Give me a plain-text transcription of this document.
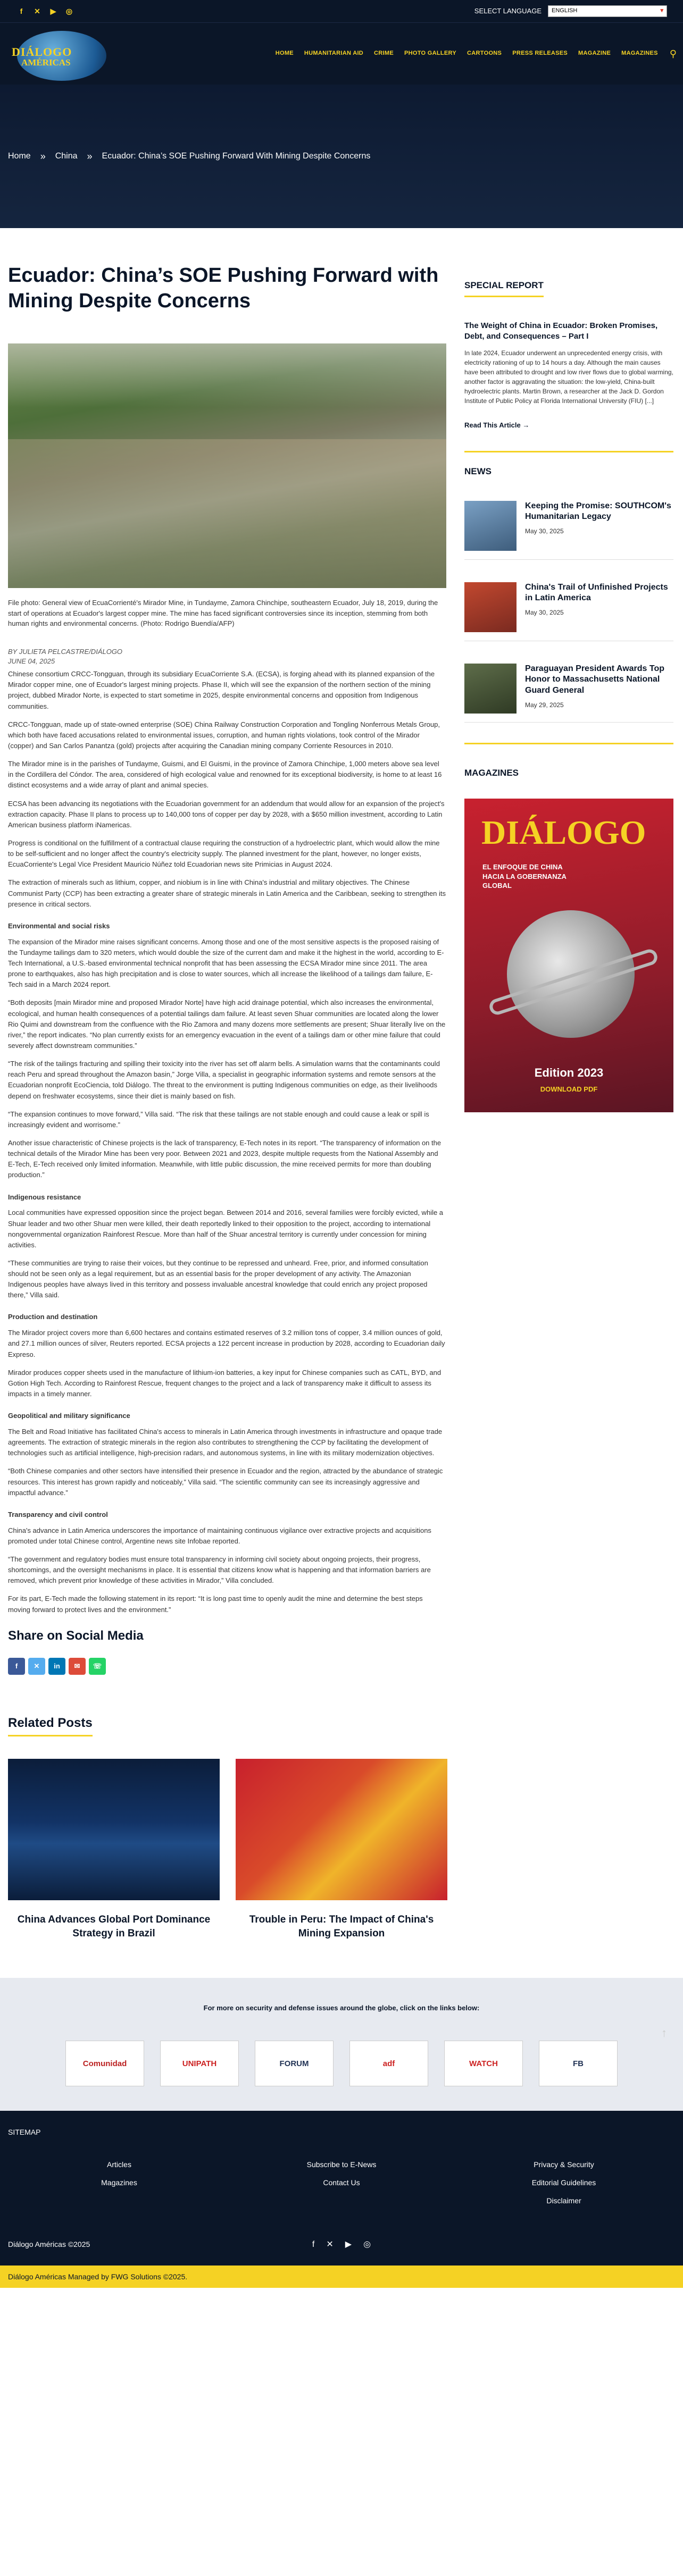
f	✕	▶	◎	SELECT LANGUAGE ENGLISH	▾
DIÁLOGO
AMÉRICAS
HOME HUMANITARIAN AID CRIME PHOTO GALLERY CARTOONS PRESS RELEASES MAGAZINE MAGAZINES ⚲
Home » China » Ecuador: China’s SOE Pushing Forward With Mining Despite Concerns
Ecuador: China’s SOE Pushing Forward with Mining Despite Concerns

File photo: General view of EcuaCorrienté's Mirador Mine, in Tundayme, Zamora Chinchipe, southeastern Ecuador, July 18, 2019, during the start of operations at Ecuador's largest copper mine. The mine has faced significant controversies since its inception, stemming from both human rights and environmental concerns. (Photo: Rodrigo Buendía/AFP)

BY JULIETA PELCASTRE/DIÁLOGO

JUNE 04, 2025

Chinese consortium CRCC-Tongguan, through its subsidiary EcuaCorriente S.A. (ECSA), is forging ahead with its planned expansion of the Mirador copper mine, one of Ecuador's largest mining projects. Phase II, which will see the expansion of the northern section of the mining project, dubbed Mirador Norte, is expected to start sometime in 2025, despite environmental concerns and opposition from Indigenous communities.

CRCC-Tongguan, made up of state-owned enterprise (SOE) China Railway Construction Corporation and Tongling Nonferrous Metals Group, which both have faced accusations related to environmental issues, corruption, and human rights violations, took control of the Mirador (copper) and San Carlos Panantza (gold) projects after acquiring the Canadian mining company Corriente Resources in 2010.

The Mirador mine is in the parishes of Tundayme, Guismi, and El Guismi, in the province of Zamora Chinchipe, 1,000 meters above sea level in the Cordillera del Cóndor. The area, considered of high ecological value and renowned for its exceptional biodiversity, is home to at least 16 distinct ecosystems and a wide array of plant and animal species.

ECSA has been advancing its negotiations with the Ecuadorian government for an addendum that would allow for an expansion of the project's extraction capacity. Phase II plans to process up to 140,000 tons of copper per day by 2028, with a $650 million investment, according to Latin American business platform iNamericas.

Progress is conditional on the fulfillment of a contractual clause requiring the construction of a hydroelectric plant, which would allow the mine to be self-sufficient and no longer affect the country's electricity supply. The planned investment for the plant, however, no longer exists, EcuaCorriente's Legal Vice President Mauricio Núñez told Ecuadorian news site Primicias in August 2024.

The extraction of minerals such as lithium, copper, and niobium is in line with China's industrial and military objectives. The Chinese Communist Party (CCP) has been extracting a greater share of strategic minerals in Latin America and the Caribbean, seeking to strengthen its presence in critical sectors.

Environmental and social risks

The expansion of the Mirador mine raises significant concerns. Among those and one of the most sensitive aspects is the proposed raising of the Tundayme tailings dam to 320 meters, which would double the size of the current dam and make it the highest in the world, according to E-Tech International, a U.S.-based environmental technical nonprofit that has been assessing the ECSA Mirador mine since 2011. The area prone to earthquakes, also has high precipitation and is close to water sources, which all increase the likelihood of a tailings dam failure, E-Tech said in a March 2024 report.

“Both deposits [main Mirador mine and proposed Mirador Norte] have high acid drainage potential, which also increases the environmental, ecological, and human health consequences of a potential tailings dam failure. At least seven Shuar communities are located along the lower Rio Quimi and downstream from the confluence with the Rio Zamora and many dozens more settlements are present; Shuar literally live on the river,” the report indicates. “No plan currently exists for an emergency evacuation in the event of a tailings dam or other mine failure that could severely affect downstream communities.”

“The risk of the tailings fracturing and spilling their toxicity into the river has set off alarm bells. A simulation warns that the contaminants could reach Peru and spread throughout the Amazon basin,” Jorge Villa, a specialist in geographic information systems and remote sensors at the Ecuadorian nonprofit EcoCiencia, told Diálogo. The threat to the environment is putting Indigenous communities on edge, as their livelihoods depend on freshwater ecosystems, since their diet is mainly based on fish.

“The expansion continues to move forward,” Villa said. “The risk that these tailings are not stable enough and could cause a leak or spill is increasingly evident and worrisome.”

Another issue characteristic of Chinese projects is the lack of transparency, E-Tech notes in its report. “The transparency of information on the technical details of the Mirador Mine has been very poor. Between 2021 and 2023, despite multiple requests from the National Assembly and E-Tech, E-Tech received only limited information. Meanwhile, with little public discussion, the mine received permits for more than doubling production.”

Indigenous resistance

Local communities have expressed opposition since the project began. Between 2014 and 2016, several families were forcibly evicted, while a Shuar leader and two other Shuar men were killed, their death reportedly linked to their opposition to the project, according to international nongovernmental organization Rainforest Rescue. More than half of the Shuar ancestral territory is currently under concession for mining activities.

“These communities are trying to raise their voices, but they continue to be repressed and unheard. Free, prior, and informed consultation should not be seen only as a legal requirement, but as an essential basis for the proper development of any activity. The Amazonian Indigenous peoples have always lived in this territory and possess invaluable ancestral knowledge that could enrich any project proposed there,” Villa said.

Production and destination

The Mirador project covers more than 6,600 hectares and contains estimated reserves of 3.2 million tons of copper, 3.4 million ounces of gold, and 27.1 million ounces of silver, Reuters reported. ECSA projects a 122 percent increase in production by 2028, according to Ecuadorian daily Expreso.

Mirador produces copper sheets used in the manufacture of lithium-ion batteries, a key input for Chinese companies such as CATL, BYD, and Gotion High Tech. According to Rainforest Rescue, frequent changes to the project and a lack of transparency make it difficult to assess its impacts in a timely manner.

Geopolitical and military significance

The Belt and Road Initiative has facilitated China's access to minerals in Latin America through investments in infrastructure and opaque trade agreements. The extraction of strategic minerals in the region also contributes to strengthening the CCP by facilitating the development of technologies such as artificial intelligence, high-precision radars, and autonomous systems, in line with its military modernization objectives.

“Both Chinese companies and other sectors have intensified their presence in Ecuador and the region, attracted by the abundance of strategic resources. This interest has grown rapidly and noticeably,” Villa said. “The scientific community can see its increasingly aggressive and impactful advance.”

Transparency and civil control

China's advance in Latin America underscores the importance of maintaining continuous vigilance over extractive projects and acquisitions promoted under total Chinese control, Argentine news site Infobae reported.

“The government and regulatory bodies must ensure total transparency in informing civil society about ongoing projects, their progress, shortcomings, and the oversight mechanisms in place. It is essential that citizens know what is happening and that information barriers are removed, which prevent prior knowledge of these activities in Mirador,” Villa concluded.

For its part, E-Tech made the following statement in its report: “It is long past time to openly audit the mine and determine the best steps moving forward to protect lives and the environment.”

Share on Social Media
f	✕	in	✉	☏
Related Posts
China Advances Global Port Dominance Strategy in Brazil
Trouble in Peru: The Impact of China's Mining Expansion
SPECIAL REPORT
The Weight of China in Ecuador: Broken Promises, Debt, and Consequences – Part I
In late 2024, Ecuador underwent an unprecedented energy crisis, with electricity rationing of up to 14 hours a day. Although the main causes have been attributed to drought and low river flows due to global warming, another factor is aggravating the situation: the low-yield, China-built hydroelectric plants. Martin Brown, a researcher at the Jack D. Gordon Institute of Public Policy at Florida International University (FIU) [...]
Read This Article →
NEWS
Keeping the Promise: SOUTHCOM's Humanitarian Legacy
May 30, 2025
China's Trail of Unfinished Projects in Latin America
May 30, 2025
Paraguayan President Awards Top Honor to Massachusetts National Guard General
May 29, 2025
MAGAZINES
DIÁLOGO
EL ENFOQUE DE CHINA HACIA LA GOBERNANZA GLOBAL
Edition 2023
DOWNLOAD PDF
↑

For more on security and defense issues around the globe, click on the links below:

Comunidad	UNIPATH	FORUM	adf	WATCH	FB
SITEMAP
Articles	Subscribe to E-News	Privacy & Security
Magazines	Contact Us	Editorial Guidelines
Disclaimer
f ✕ ▶ ◎
Diálogo Américas ©2025
Diálogo Américas Managed by FWG Solutions ©2025.
